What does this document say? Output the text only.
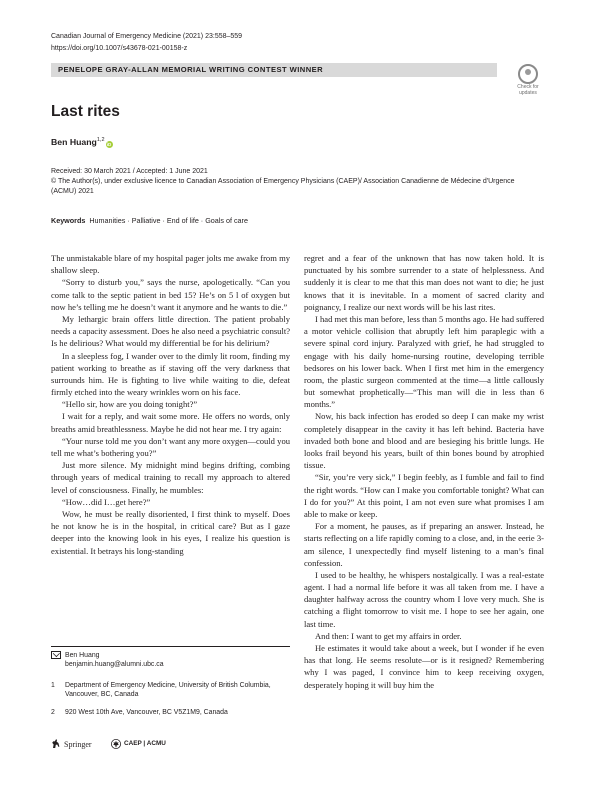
Canadian Journal of Emergency Medicine (2021) 23:558–559
https://doi.org/10.1007/s43678-021-00158-z
PENELOPE GRAY-ALLAN MEMORIAL WRITING CONTEST WINNER
Check for
updates
Last rites
Ben Huang$^{1,2}$iD
Received: 30 March 2021 / Accepted: 1 June 2021
© The Author(s), under exclusive licence to Canadian Association of Emergency Physicians (CAEP)/ Association Canadienne de Médecine d'Urgence (ACMU) 2021
Keywords Humanities · Palliative · End of life · Goals of care

The unmistakable blare of my hospital pager jolts me awake from my shallow sleep.

“Sorry to disturb you,” says the nurse, apologetically. “Can you come talk to the septic patient in bed 15? He’s on 5 l of oxygen but now he’s telling me he doesn’t want it anymore and he wants to die.”

My lethargic brain offers little direction. The patient probably needs a capacity assessment. Does he also need a psychiatric consult? Is he delirious? What would my differential be for his delirium?

In a sleepless fog, I wander over to the dimly lit room, finding my patient working to breathe as if staving off the very darkness that surrounds him. He is fighting to live while waiting to die, defeat firmly etched into the weary wrinkles worn on his face.

“Hello sir, how are you doing tonight?”

I wait for a reply, and wait some more. He offers no words, only breaths amid breathlessness. Maybe he did not hear me. I try again:

“Your nurse told me you don’t want any more oxygen—could you tell me what’s bothering you?”

Just more silence. My midnight mind begins drifting, combing through years of medical training to recall my approach to altered level of consciousness. Finally, he mumbles:

“How…did I…get here?”

Wow, he must be really disoriented, I first think to myself. Does he not know he is in the hospital, in critical care? But as I gaze deeper into the knowing look in his eyes, I realize his question is existential. It betrays his long-standing

regret and a fear of the unknown that has now taken hold. It is punctuated by his sombre surrender to a state of helplessness. And suddenly it is clear to me that this man does not want to die; he just knows that it is inevitable. In a moment of sacred clarity and poignancy, I realize our next words will be his last rites.

I had met this man before, less than 5 months ago. He had suffered a motor vehicle collision that abruptly left him paraplegic with a severe spinal cord injury. Paralyzed with grief, he had struggled to engage with his daily home-nursing routine, developing terrible bedsores on his lower back. When I first met him in the emergency room, the plastic surgeon commented at the time—a little callously but somewhat prophetically—“This man will die in less than 6 months.”

Now, his back infection has eroded so deep I can make my wrist completely disappear in the cavity it has left behind. Bacteria have invaded both bone and blood and are besieging his brittle lungs. He looks frail beyond his years, built of thin bones bound by atrophied tissue.

“Sir, you’re very sick,” I begin feebly, as I fumble and fail to find the right words. “How can I make you comfortable tonight? What can I do for you?” At this point, I am not even sure what promises I am able to make or keep.

For a moment, he pauses, as if preparing an answer. Instead, he starts reflecting on a life rapidly coming to a close, and, in the eerie 3-am silence, I unexpectedly find myself listening to a man’s final confession.

I used to be healthy, he whispers nostalgically. I was a real-estate agent. I had a normal life before it was all taken from me. I have a daughter halfway across the country whom I love very much. She is catching a flight tomorrow to visit me. I hope to see her again, one last time.

And then: I want to get my affairs in order.

He estimates it would take about a week, but I wonder if he even has that long. He seems resolute—or is it resigned? Remembering why I was paged, I convince him to keep receiving oxygen, desperately hoping it will buy him the

Ben Huang
benjamin.huang@alumni.ubc.ca
1 Department of Emergency Medicine, University of British Columbia, Vancouver, BC, Canada
2 920 West 10th Ave, Vancouver, BC V5Z1M9, Canada
Springer	CAEP | ACMU
